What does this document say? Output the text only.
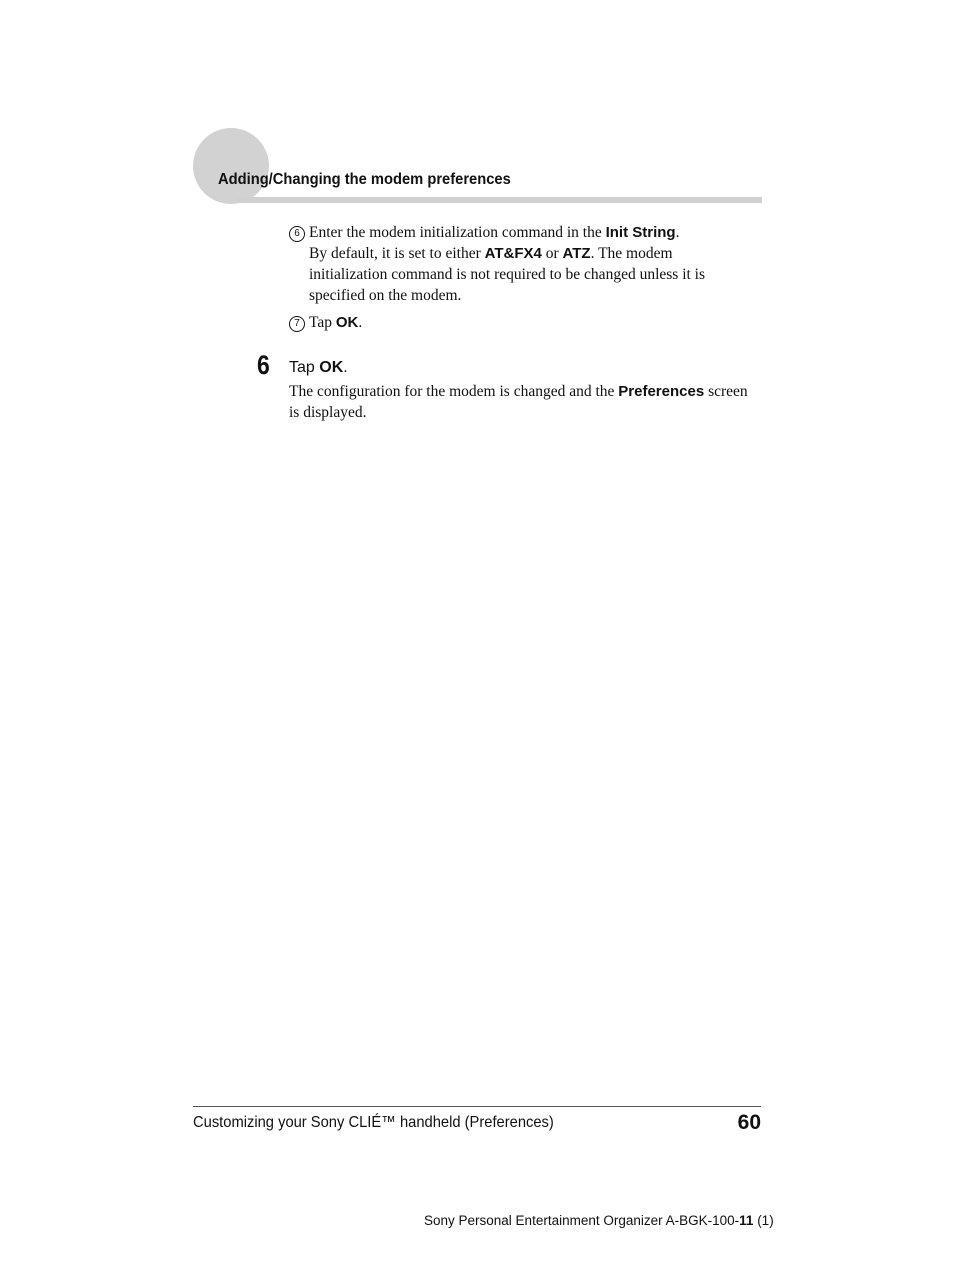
Adding/Changing the modem preferences
6 Enter the modem initialization command in the Init String.
By default, it is set to either AT&FX4 or ATZ. The modem
initialization command is not required to be changed unless it is
specified on the modem.
7 Tap OK.
6 Tap OK.
The configuration for the modem is changed and the Preferences screen
is displayed.
Customizing your Sony CLIÉ™ handheld (Preferences)	60
Sony Personal Entertainment Organizer A-BGK-100-11 (1)
